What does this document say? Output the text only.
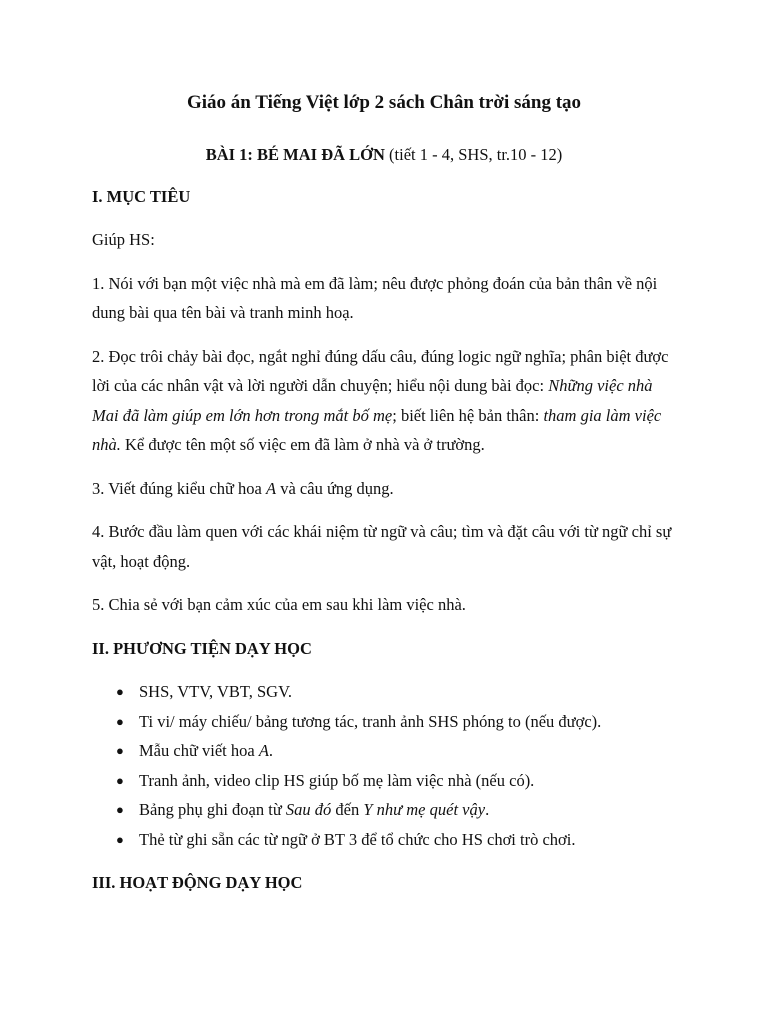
Giáo án Tiếng Việt lớp 2 sách Chân trời sáng tạo
BÀI 1: BÉ MAI ĐÃ LỚN (tiết 1 - 4, SHS, tr.10 - 12)
I. MỤC TIÊU
Giúp HS:
1. Nói với bạn một việc nhà mà em đã làm; nêu được phỏng đoán của bản thân về nội dung bài qua tên bài và tranh minh hoạ.
2. Đọc trôi chảy bài đọc, ngắt nghỉ đúng dấu câu, đúng logic ngữ nghĩa; phân biệt được lời của các nhân vật và lời người dẫn chuyện; hiểu nội dung bài đọc: Những việc nhà Mai đã làm giúp em lớn hơn trong mắt bố mẹ; biết liên hệ bản thân: tham gia làm việc nhà. Kể được tên một số việc em đã làm ở nhà và ở trường.
3. Viết đúng kiểu chữ hoa A và câu ứng dụng.
4. Bước đầu làm quen với các khái niệm từ ngữ và câu; tìm và đặt câu với từ ngữ chỉ sự vật, hoạt động.
5. Chia sẻ với bạn cảm xúc của em sau khi làm việc nhà.
II. PHƯƠNG TIỆN DẠY HỌC
● SHS, VTV, VBT, SGV.
● Ti vi/ máy chiếu/ bảng tương tác, tranh ảnh SHS phóng to (nếu được).
● Mẫu chữ viết hoa A.
● Tranh ảnh, video clip HS giúp bố mẹ làm việc nhà (nếu có).
● Bảng phụ ghi đoạn từ Sau đó đến Y như mẹ quét vậy.
● Thẻ từ ghi sẵn các từ ngữ ở BT 3 để tổ chức cho HS chơi trò chơi.
III. HOẠT ĐỘNG DẠY HỌC
